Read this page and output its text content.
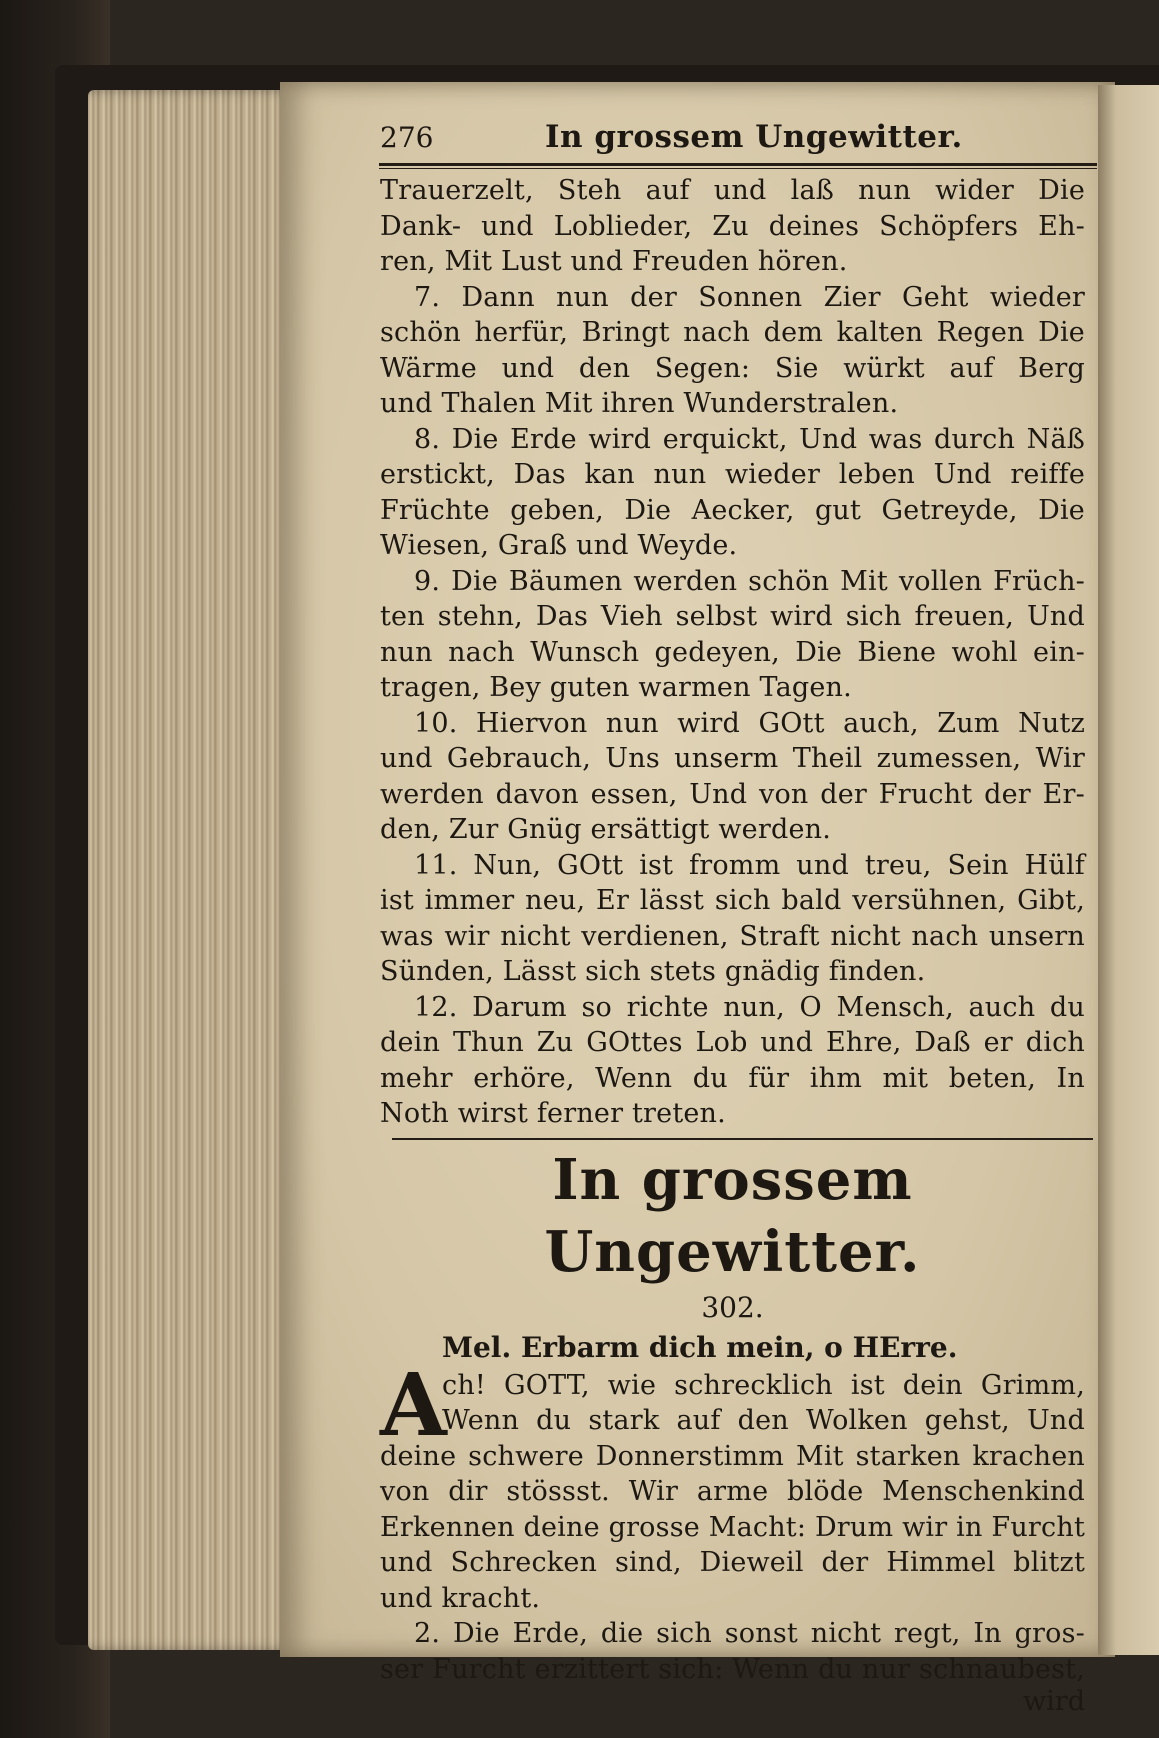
276	In grossem Ungewitter.
Trauerzelt, Steh auf und laß nun wider Die
Dank- und Loblieder, Zu deines Schöpfers Eh-
ren, Mit Lust und Freuden hören.
7. Dann nun der Sonnen Zier Geht wieder
schön herfür, Bringt nach dem kalten Regen Die
Wärme und den Segen: Sie würkt auf Berg
und Thalen Mit ihren Wunderstralen.
8. Die Erde wird erquickt, Und was durch Näß
erstickt, Das kan nun wieder leben Und reiffe
Früchte geben, Die Aecker, gut Getreyde, Die
Wiesen, Graß und Weyde.
9. Die Bäumen werden schön Mit vollen Früch-
ten stehn, Das Vieh selbst wird sich freuen, Und
nun nach Wunsch gedeyen, Die Biene wohl ein-
tragen, Bey guten warmen Tagen.
10. Hiervon nun wird GOtt auch, Zum Nutz
und Gebrauch, Uns unserm Theil zumessen, Wir
werden davon essen, Und von der Frucht der Er-
den, Zur Gnüg ersättigt werden.
11. Nun, GOtt ist fromm und treu, Sein Hülf
ist immer neu, Er lässt sich bald versühnen, Gibt,
was wir nicht verdienen, Straft nicht nach unsern
Sünden, Lässt sich stets gnädig finden.
12. Darum so richte nun, O Mensch, auch du
dein Thun Zu GOttes Lob und Ehre, Daß er dich
mehr erhöre, Wenn du für ihm mit beten, In
Noth wirst ferner treten.
In grossem Ungewitter.
302.
Mel. Erbarm dich mein, o HErre.
A
ch! GOTT, wie schrecklich ist dein Grimm,
Wenn du stark auf den Wolken gehst, Und
deine schwere Donnerstimm Mit starken krachen
von dir stössst. Wir arme blöde Menschenkind
Erkennen deine grosse Macht: Drum wir in Furcht
und Schrecken sind, Dieweil der Himmel blitzt
und kracht.
2. Die Erde, die sich sonst nicht regt, In gros-
ser Furcht erzittert sich: Wenn du nur schnaubest,
wird
